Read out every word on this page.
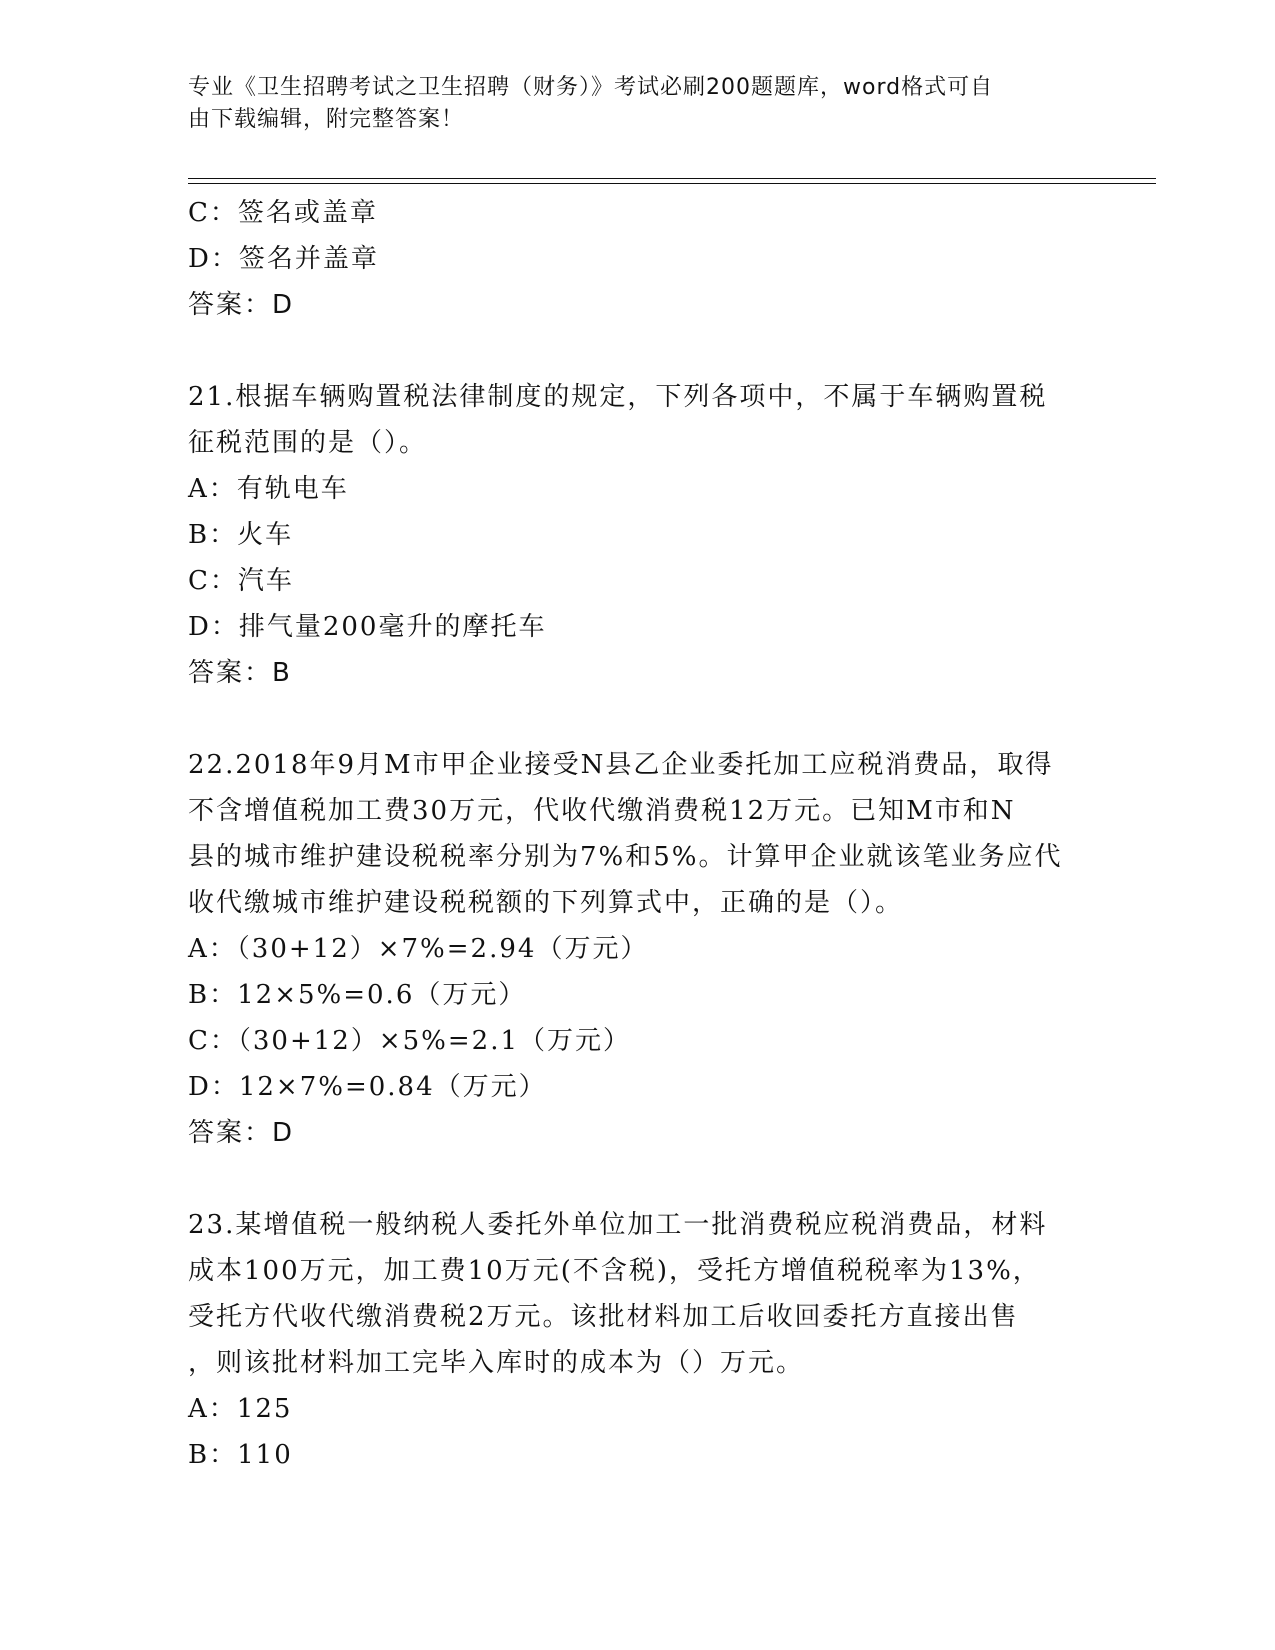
专业《卫生招聘考试之卫生招聘（财务）》考试必刷200题题库，word格式可自
由下载编辑，附完整答案！
C：签名或盖章
D：签名并盖章
答案：D
21.根据车辆购置税法律制度的规定，下列各项中，不属于车辆购置税
征税范围的是（）。
A：有轨电车
B：火车
C：汽车
D：排气量200毫升的摩托车
答案：B
22.2018年9月M市甲企业接受N县乙企业委托加工应税消费品，取得
不含增值税加工费30万元，代收代缴消费税12万元。已知M市和N
县的城市维护建设税税率分别为7%和5%。计算甲企业就该笔业务应代
收代缴城市维护建设税税额的下列算式中，正确的是（）。
A：（30+12）×7%=2.94（万元）
B：12×5%=0.6（万元）
C：（30+12）×5%=2.1（万元）
D：12×7%=0.84（万元）
答案：D
23.某增值税一般纳税人委托外单位加工一批消费税应税消费品，材料
成本100万元，加工费10万元(不含税)，受托方增值税税率为13%，
受托方代收代缴消费税2万元。该批材料加工后收回委托方直接出售
，则该批材料加工完毕入库时的成本为（）万元。
A：125
B：110
